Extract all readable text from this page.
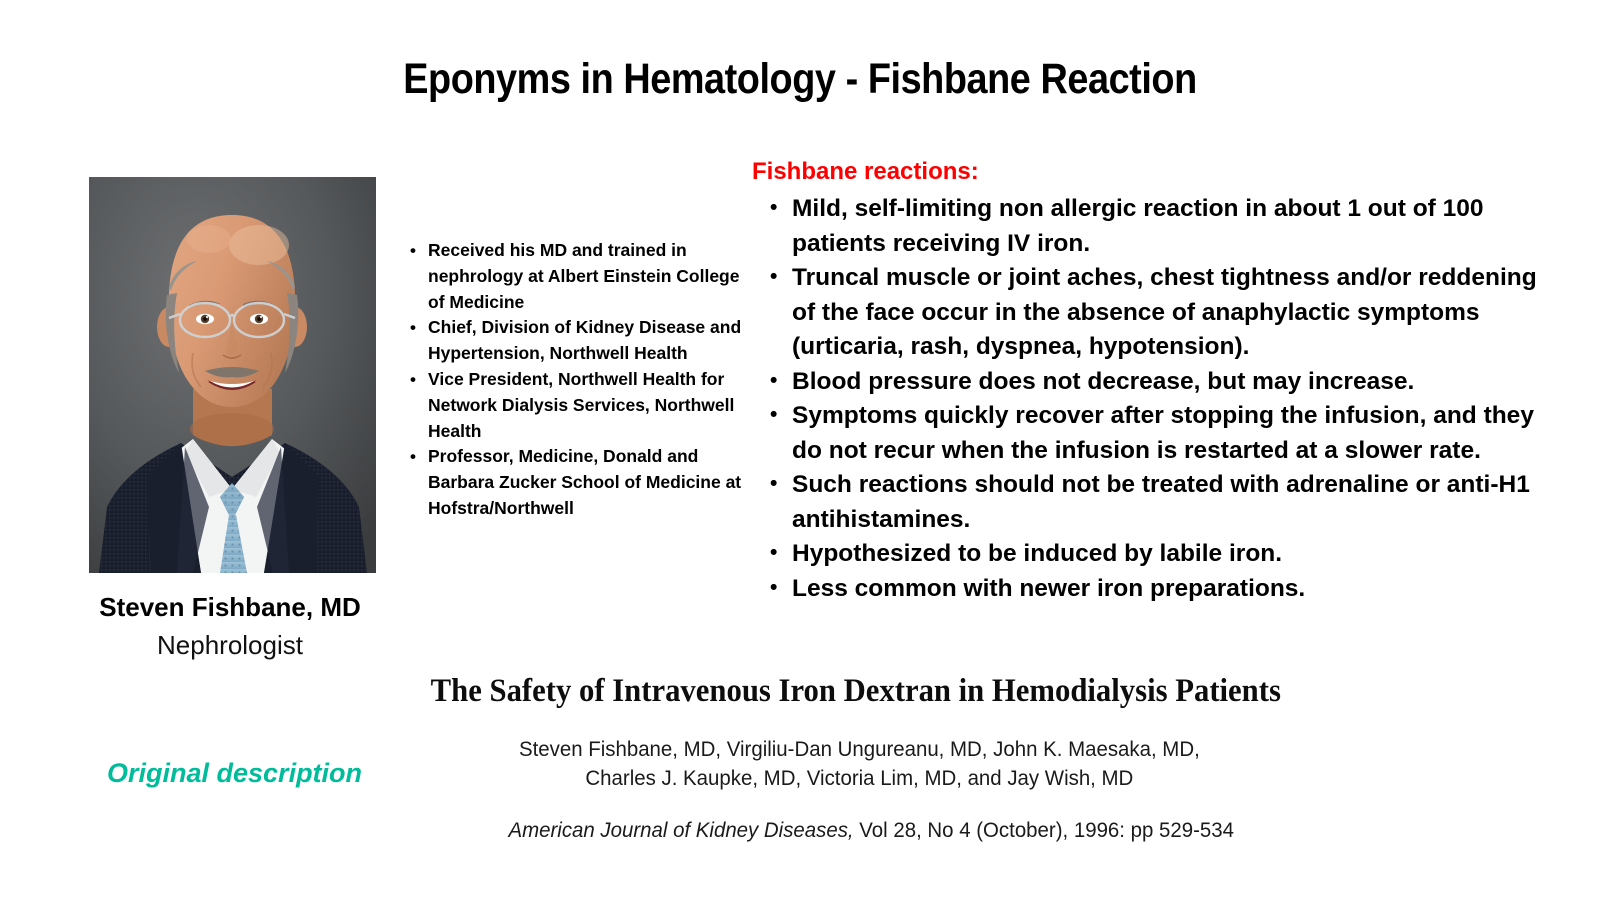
Eponyms in Hematology - Fishbane Reaction
Steven Fishbane, MD
Nephrologist
• Received his MD and trained in nephrology at Albert Einstein College of Medicine
• Chief, Division of Kidney Disease and Hypertension, Northwell Health
• Vice President, Northwell Health for Network Dialysis Services, Northwell Health
• Professor, Medicine, Donald and Barbara Zucker School of Medicine at Hofstra/Northwell
Fishbane reactions:
• Mild, self-limiting non allergic reaction in about 1 out of 100 patients receiving IV iron.
• Truncal muscle or joint aches, chest tightness and/or reddening of the face occur in the absence of anaphylactic symptoms (urticaria, rash, dyspnea, hypotension).
• Blood pressure does not decrease, but may increase.
• Symptoms quickly recover after stopping the infusion, and they do not recur when the infusion is restarted at a slower rate.
• Such reactions should not be treated with adrenaline or anti-H1 antihistamines.
• Hypothesized to be induced by labile iron.
• Less common with newer iron preparations.
Original description
The Safety of Intravenous Iron Dextran in Hemodialysis Patients
Steven Fishbane, MD, Virgiliu-Dan Ungureanu, MD, John K. Maesaka, MD,
Charles J. Kaupke, MD, Victoria Lim, MD, and Jay Wish, MD
American Journal of Kidney Diseases, Vol 28, No 4 (October), 1996: pp 529-534
